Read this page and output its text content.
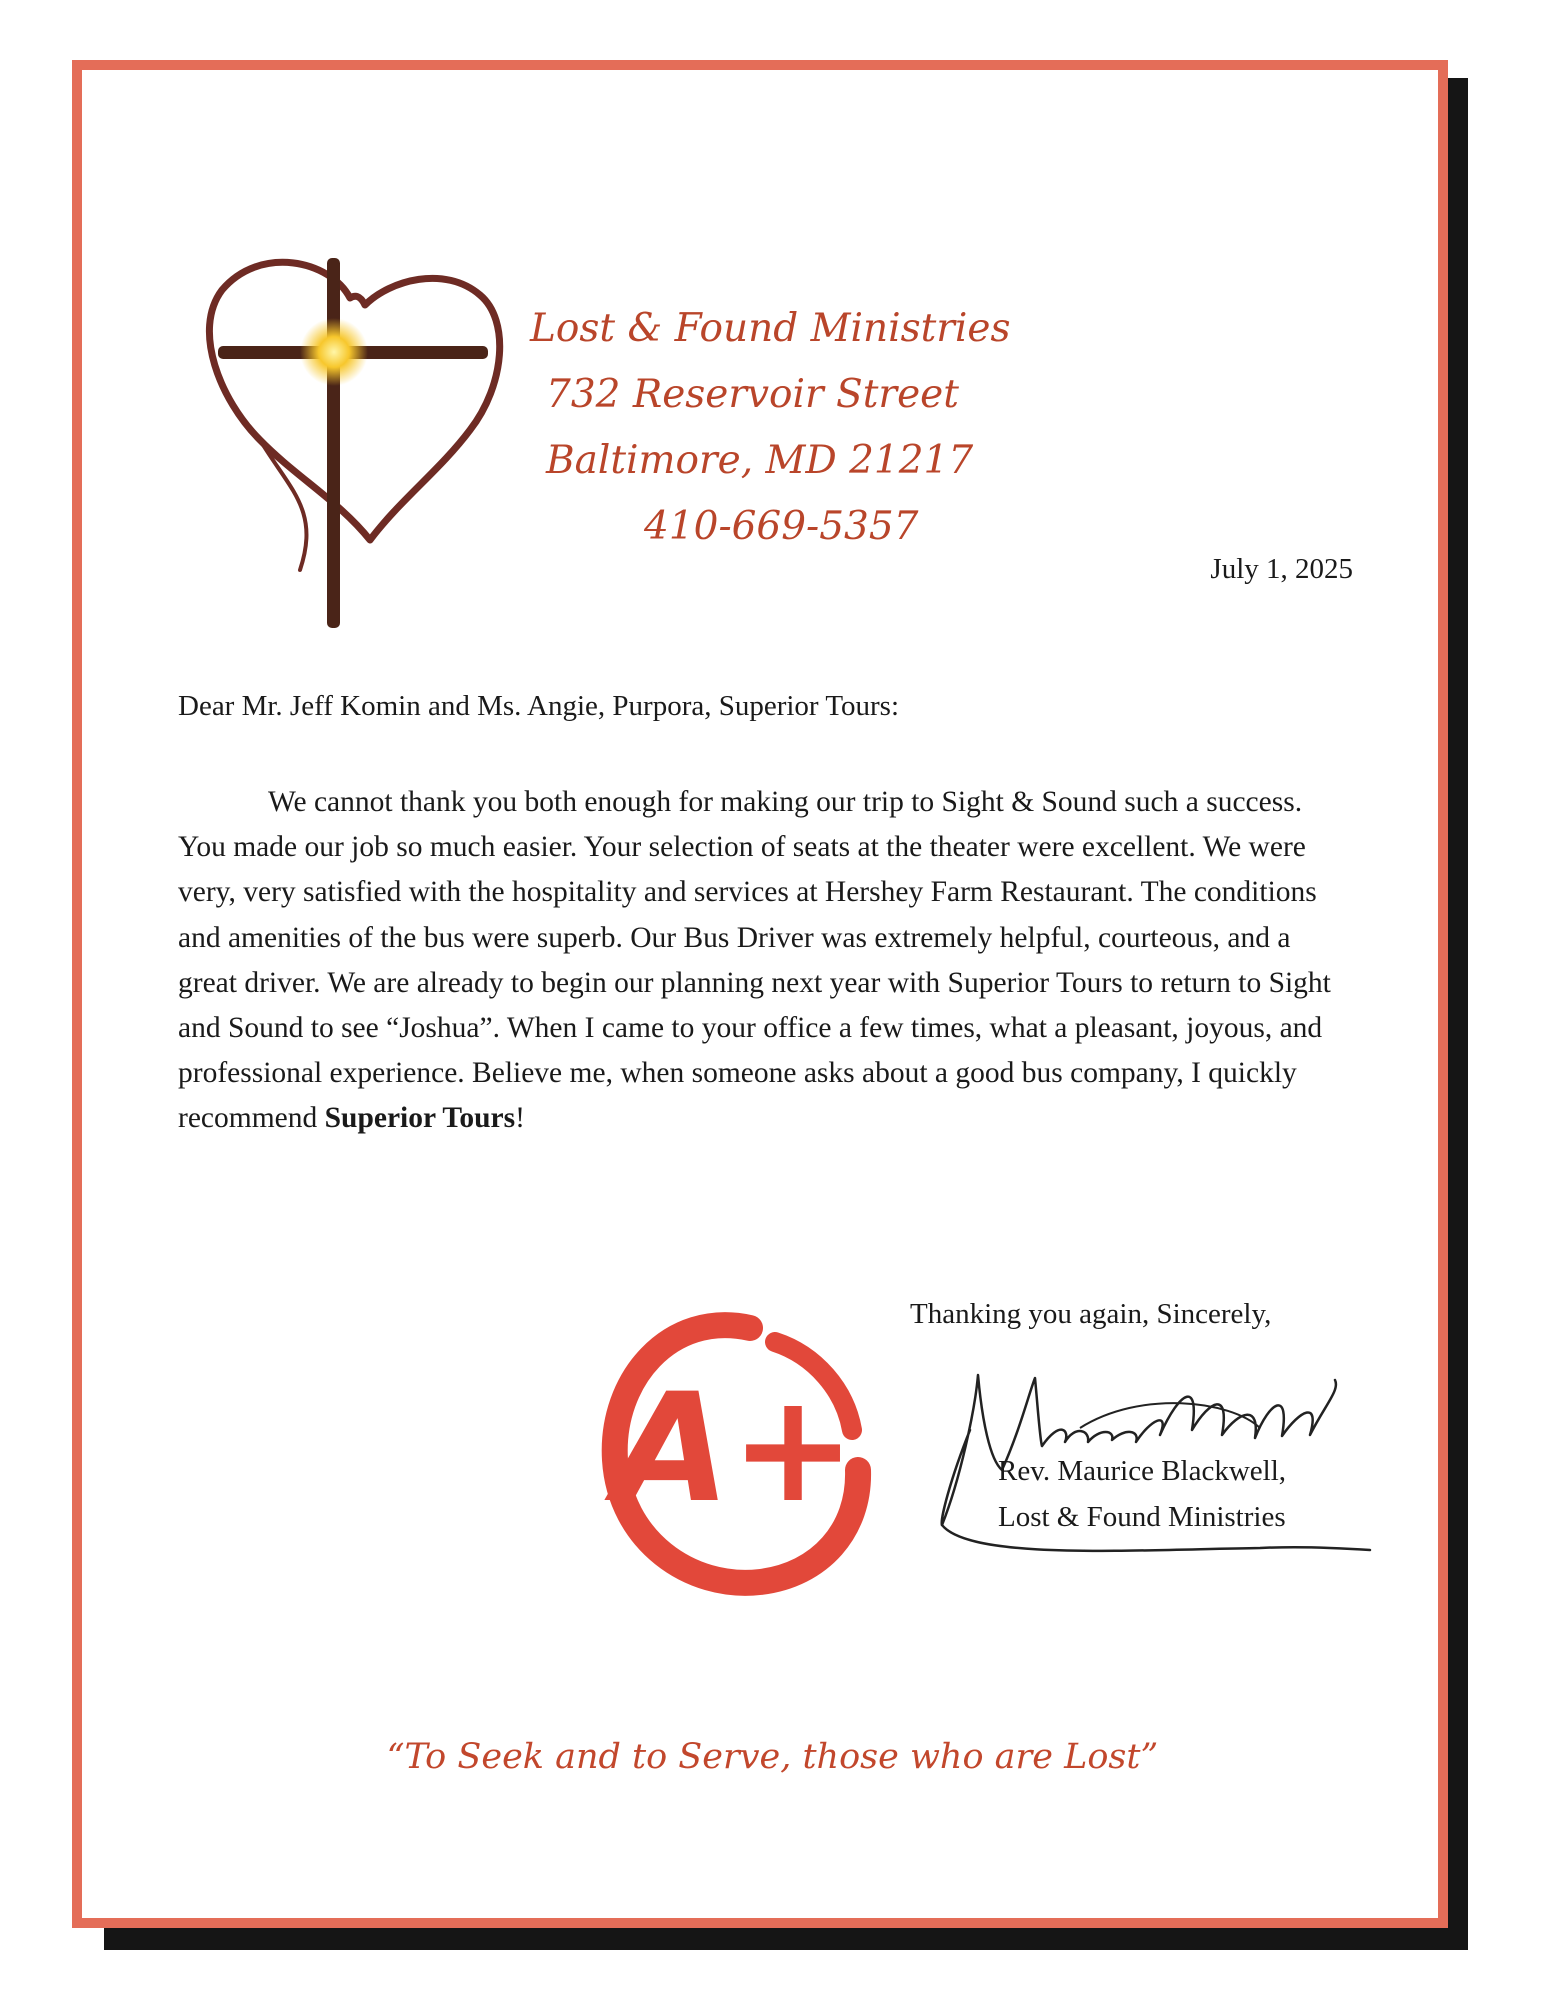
Lost & Found Ministries
732 Reservoir Street
Baltimore, MD 21217
410-669-5357
July 1, 2025
Dear Mr. Jeff Komin and Ms. Angie, Purpora, Superior Tours:
We cannot thank you both enough for making our trip to Sight & Sound such a success. You made our job so much easier. Your selection of seats at the theater were excellent. We were very, very satisfied with the hospitality and services at Hershey Farm Restaurant. The conditions and amenities of the bus were superb. Our Bus Driver was extremely helpful, courteous, and a great driver. We are already to begin our planning next year with Superior Tours to return to Sight and Sound to see “Joshua”. When I came to your office a few times, what a pleasant, joyous, and professional experience. Believe me, when someone asks about a good bus company, I quickly recommend Superior Tours!
A+
Thanking you again, Sincerely,
Rev. Maurice Blackwell,
Lost & Found Ministries
“To Seek and to Serve, those who are Lost”
